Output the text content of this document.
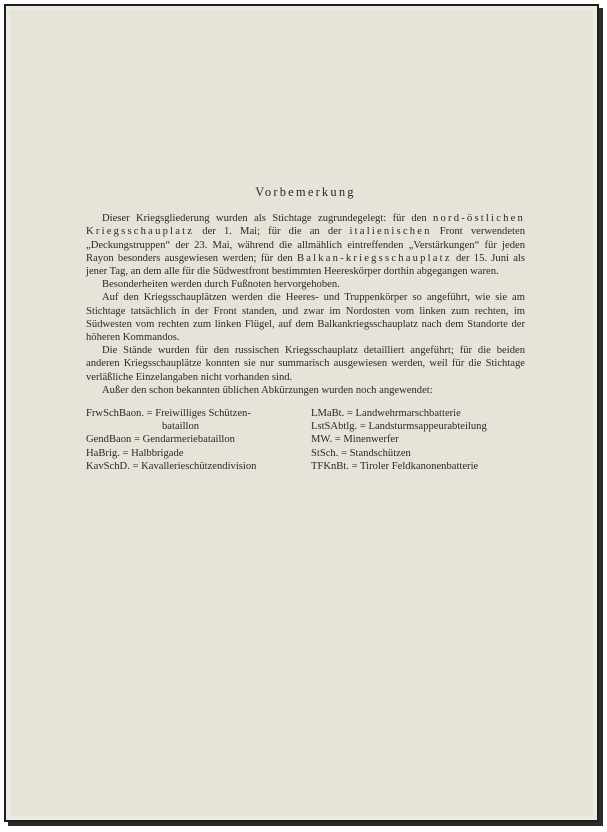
Vorbemerkung

Dieser Kriegsgliederung wurden als Stichtage zugrundegelegt: für den nord-östlichen Kriegsschauplatz der 1. Mai; für die an der italienischen Front verwendeten „Deckungstruppen“ der 23. Mai, während die allmählich eintreffenden „Verstärkungen“ für jeden Rayon besonders ausgewiesen werden; für den Balkan-kriegsschauplatz der 15. Juni als jener Tag, an dem alle für die Südwestfront bestimmten Heereskörper dorthin abgegangen waren.

Besonderheiten werden durch Fußnoten hervorgehoben.

Auf den Kriegsschauplätzen werden die Heeres- und Truppenkörper so angeführt, wie sie am Stichtage tatsächlich in der Front standen, und zwar im Nordosten vom linken zum rechten, im Südwesten vom rechten zum linken Flügel, auf dem Balkankriegsschauplatz nach dem Standorte der höheren Kommandos.

Die Stände wurden für den russischen Kriegsschauplatz detailliert angeführt; für die beiden anderen Kriegsschauplätze konnten sie nur summarisch ausgewiesen werden, weil für die Stichtage verläßliche Einzelangaben nicht vorhanden sind.

Außer den schon bekannten üblichen Abkürzungen wurden noch angewendet:

FrwSchBaon. = Freiwilliges Schützen-
bataillon
GendBaon = Gendarmeriebataillon
HaBrig. = Halbbrigade
KavSchD. = Kavallerieschützendivision
LMaBt. = Landwehrmarschbatterie
LstSAbtlg. = Landsturmsappeurabteilung
MW. = Minenwerfer
StSch. = Standschützen
TFKnBt. = Tiroler Feldkanonenbatterie
